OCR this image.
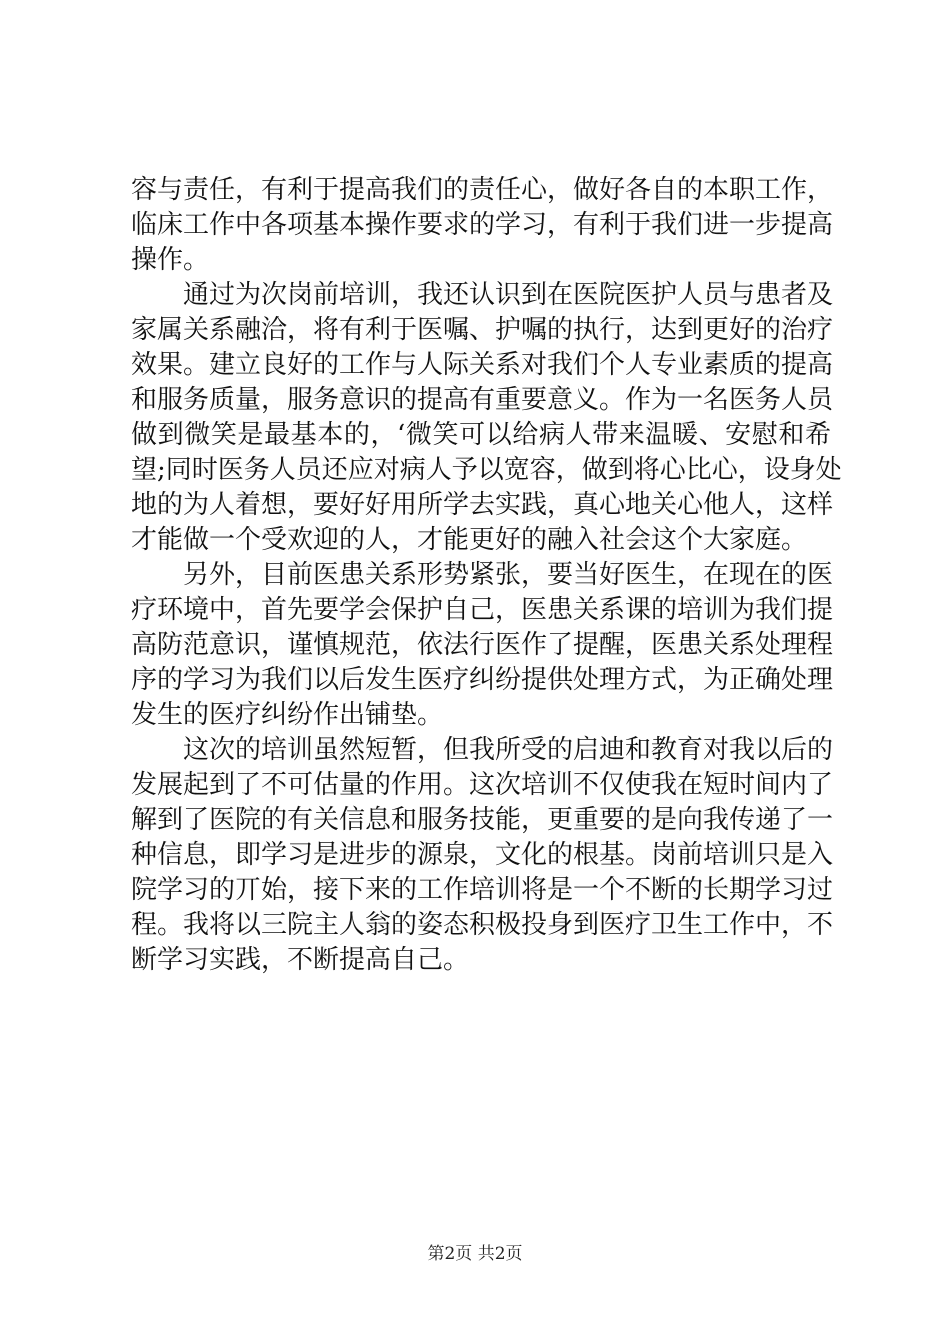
容与责任，有利于提高我们的责任心，做好各自的本职工作，
临床工作中各项基本操作要求的学习，有利于我们进一步提高
操作。
　　通过为次岗前培训，我还认识到在医院医护人员与患者及
家属关系融洽，将有利于医嘱、护嘱的执行，达到更好的治疗
效果。建立良好的工作与人际关系对我们个人专业素质的提高
和服务质量，服务意识的提高有重要意义。作为一名医务人员
做到微笑是最基本的，‘微笑可以给病人带来温暖、安慰和希
望;同时医务人员还应对病人予以宽容，做到将心比心，设身处
地的为人着想，要好好用所学去实践，真心地关心他人，这样
才能做一个受欢迎的人，才能更好的融入社会这个大家庭。
　　另外，目前医患关系形势紧张，要当好医生，在现在的医
疗环境中，首先要学会保护自己，医患关系课的培训为我们提
高防范意识，谨慎规范，依法行医作了提醒，医患关系处理程
序的学习为我们以后发生医疗纠纷提供处理方式，为正确处理
发生的医疗纠纷作出铺垫。
　　这次的培训虽然短暂，但我所受的启迪和教育对我以后的
发展起到了不可估量的作用。这次培训不仅使我在短时间内了
解到了医院的有关信息和服务技能，更重要的是向我传递了一
种信息，即学习是进步的源泉，文化的根基。岗前培训只是入
院学习的丌始，接下来的工作培训将是一个不断的长期学习过
程。我将以三院主人翁的姿态积极投身到医疗卫生工作中，不
断学习实践，不断提高自己。
第2页 共2页
